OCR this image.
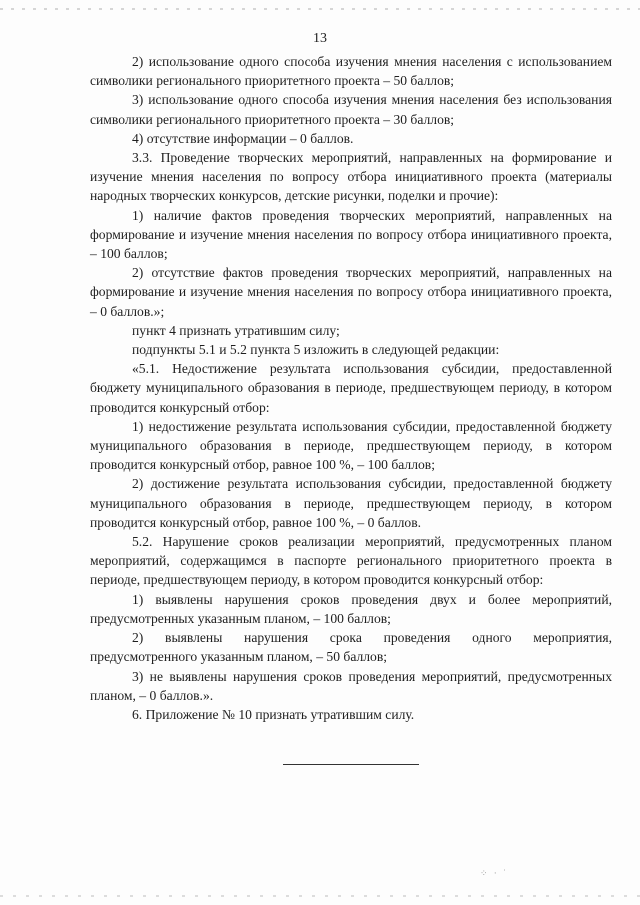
13

2) использование одного способа изучения мнения населения с использованием символики регионального приоритетного проекта – 50 баллов;

3) использование одного способа изучения мнения населения без использования символики регионального приоритетного проекта – 30 баллов;

4) отсутствие информации – 0 баллов.

3.3. Проведение творческих мероприятий, направленных на формирование и изучение мнения населения по вопросу отбора инициативного проекта (материалы народных творческих конкурсов, детские рисунки, поделки и прочие):

1) наличие фактов проведения творческих мероприятий, направленных на формирование и изучение мнения населения по вопросу отбора инициативного проекта, – 100 баллов;

2) отсутствие фактов проведения творческих мероприятий, направленных на формирование и изучение мнения населения по вопросу отбора инициативного проекта, – 0 баллов.»;

пункт 4 признать утратившим силу;

подпункты 5.1 и 5.2 пункта 5 изложить в следующей редакции:

«5.1. Недостижение результата использования субсидии, предоставленной бюджету муниципального образования в периоде, предшествующем периоду, в котором проводится конкурсный отбор:

1) недостижение результата использования субсидии, предоставленной бюджету муниципального образования в периоде, предшествующем периоду, в котором проводится конкурсный отбор, равное 100 %, – 100 баллов;

2) достижение результата использования субсидии, предоставленной бюджету муниципального образования в периоде, предшествующем периоду, в котором проводится конкурсный отбор, равное 100 %, – 0 баллов.

5.2. Нарушение сроков реализации мероприятий, предусмотренных планом мероприятий, содержащимся в паспорте регионального приоритетного проекта в периоде, предшествующем периоду, в котором проводится конкурсный отбор:

1) выявлены нарушения сроков проведения двух и более мероприятий, предусмотренных указанным планом, – 100 баллов;

2) выявлены нарушения срока проведения одного мероприятия, предусмотренного указанным планом, – 50 баллов;

3) не выявлены нарушения сроков проведения мероприятий, предусмотренных планом, – 0 баллов.».

6. Приложение № 10 признать утратившим силу.

⁘ · ˙
